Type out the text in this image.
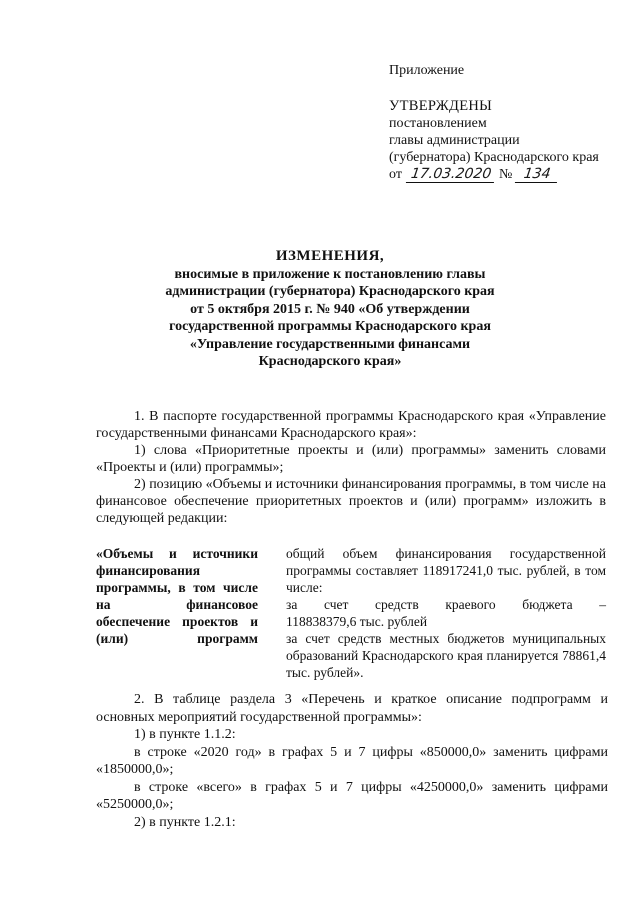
Приложение
УТВЕРЖДЕНЫ
постановлением
главы администрации
(губернатора) Краснодарского края
от 17.03.2020 № 134
ИЗМЕНЕНИЯ,
вносимые в приложение к постановлению главы
администрации (губернатора) Краснодарского края
от 5 октября 2015 г. № 940 «Об утверждении
государственной программы Краснодарского края
«Управление государственными финансами
Краснодарского края»
1. В паспорте государственной программы Краснодарского края «Управление государственными финансами Краснодарского края»:
1) слова «Приоритетные проекты и (или) программы» заменить словами «Проекты и (или) программы»;
2) позицию «Объемы и источники финансирования программы, в том числе на финансовое обеспечение приоритетных проектов и (или) программ» изложить в следующей редакции:
«Объемы и источники финансирования программы, в том числе на финансовое обеспечение проектов и (или) программ
общий объем финансирования государственной программы составляет 118917241,0 тыс. рублей, в том числе:
за счет средств краевого бюджета –
118838379,6 тыс. рублей
за счет средств местных бюджетов муниципальных образований Краснодарского края планируется 78861,4 тыс. рублей».
2. В таблице раздела 3 «Перечень и краткое описание подпрограмм и основных мероприятий государственной программы»:
1) в пункте 1.1.2:
в строке «2020 год» в графах 5 и 7 цифры «850000,0» заменить цифрами «1850000,0»;
в строке «всего» в графах 5 и 7 цифры «4250000,0» заменить цифрами «5250000,0»;
2) в пункте 1.2.1:
